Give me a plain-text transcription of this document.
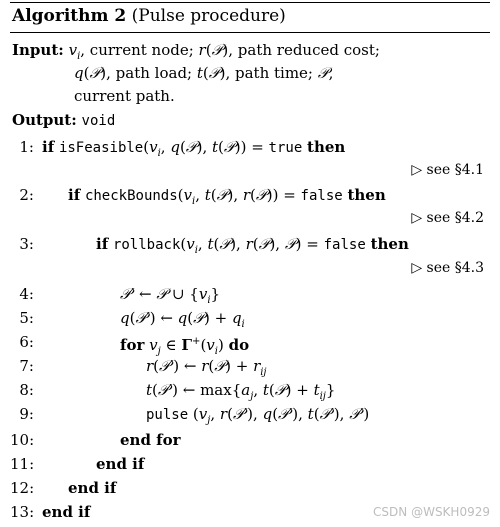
Algorithm 2 (Pulse procedure)
Input: $v_i$, current node; r(𝒫), path reduced cost;
q(𝒫), path load; t(𝒫), path time; 𝒫,
current path.
Output: void
1: if $isFeasible(v_i$, q(𝒫), t(𝒫)) = true then
▷ see §4.1
2: if $checkBounds(v_i$, t(𝒫), r(𝒫)) = false then
▷ see §4.2
3:	if $rollback(v_i$, t(𝒫), r(𝒫), 𝒫) = false then
▷ see §4.3
4:	𝒫′ ← 𝒫 ∪ $\{v_i\}$
5:	q(𝒫′) ← q(𝒫) + $q_i$
6:	for $v_j$ ∈ $\Gamma^+(v_i)$ do
7:	r(𝒫′) ← r(𝒫) + $r_{ij}$
8:	t(𝒫′) ← $\max\{a_j$, t(𝒫) + $t_{ij}$}
9:	pulse ($v_j$, r(𝒫′), q(𝒫′), t(𝒫′), 𝒫′)
10:	end for
11:	end if
12: end if
13: end if	CSDN @WSKH0929
